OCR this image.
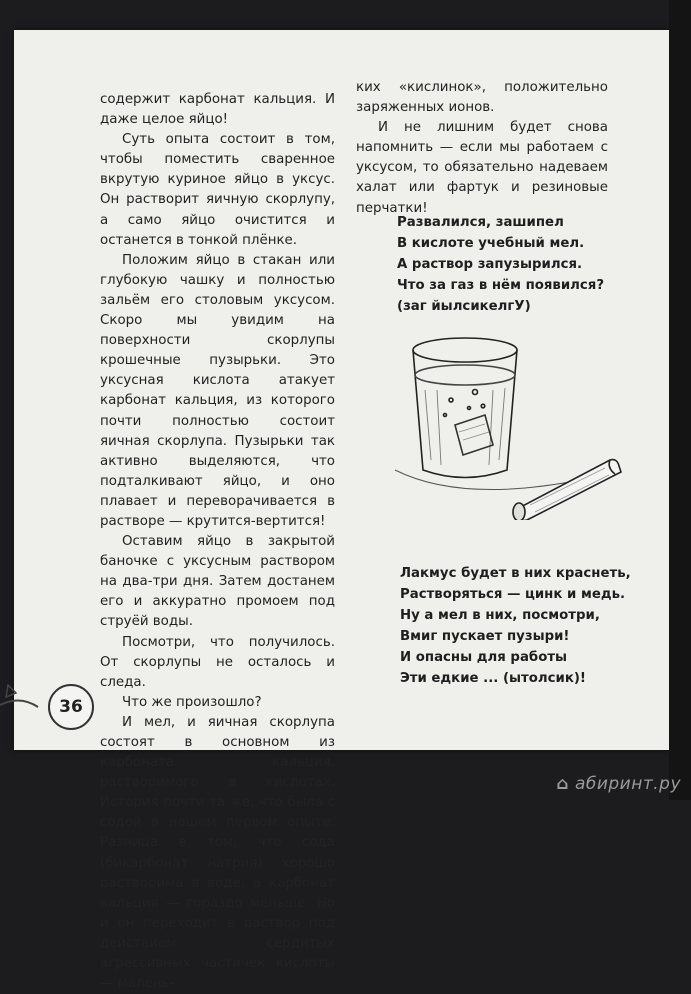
содержит карбонат кальция. И даже целое яйцо!

Суть опыта состоит в том, чтобы поместить сваренное вкрутую куриное яйцо в уксус. Он растворит яичную скорлупу, а само яйцо очистится и останется в тонкой плёнке.

Положим яйцо в стакан или глубокую чашку и полностью зальём его столовым уксусом. Скоро мы увидим на поверхности скорлупы крошечные пузырьки. Это уксусная кислота атакует карбонат кальция, из которого почти полностью состоит яичная скорлупа. Пузырьки так активно выделяются, что подталкивают яйцо, и оно плавает и переворачивается в растворе — крутится-вертится!

Оставим яйцо в закрытой баночке с уксусным раствором на два-три дня. Затем достанем его и аккуратно промоем под струёй воды.

Посмотри, что получилось. От скорлупы не осталось и следа.

Что же произошло?

И мел, и яичная скорлупа состоят в основном из карбоната кальция, растворимого в кислотах. История почти та же, что была с содой в нашем первом опыте. Разница в том, что сода (бикарбонат натрия) хорошо растворима в воде, а карбонат кальция — гораздо меньше. Но и он переходит в раствор под действием сердитых агрессивных частичек кислоты — малень-

ких «кислинок», положительно заряженных ионов.

И не лишним будет снова напомнить — если мы работаем с уксусом, то обязательно надеваем халат или фартук и резиновые перчатки!

Развалился, зашипел
В кислоте учебный мел.
А раствор запузырился.
Что за газ в нём появился?
(заг йылсикелгУ)
Лакмус будет в них краснеть,
Растворяться — цинк и медь.
Ну а мел в них, посмотри,
Вмиг пускает пузыри!
И опасны для работы
Эти едкие ... (ытолсик)!
36
⌂ абиринт.ру
